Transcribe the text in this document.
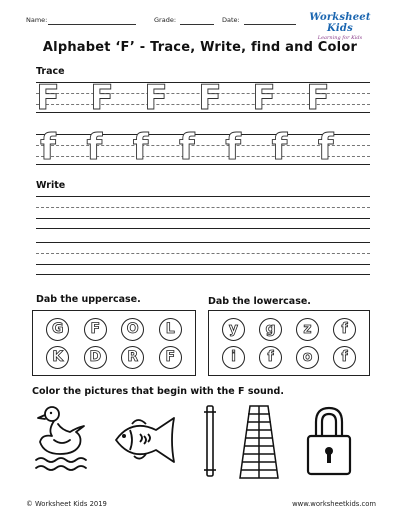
Name:	Grade:	Date:	Worksheet Kids
Learning for Kids
Alphabet ‘F’ - Trace, Write, find and Color
Trace
F F F F F F
f f f f f f f
Write
Dab the uppercase.	Dab the lowercase.
G	F	O	L
K	D	R	F
y	g	z	f
i	f	o	f
Color the pictures that begin with the F sound.
© Worksheet Kids 2019	www.worksheetkids.com
